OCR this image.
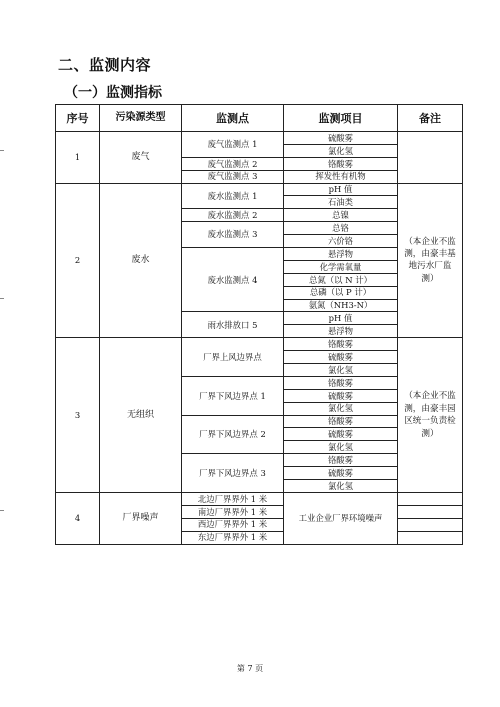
二、监测内容
（一）监测指标
序号	污染源类型	监测点	监测项目	备注
1	废气	废气监测点 1	硫酸雾	
			氯化氢	
		废气监测点 2	铬酸雾	
		废气监测点 3	挥发性有机物	
2	废水	废水监测点 1	pH 值	（本企业不监测，由豪丰基地污水厂监测）
			石油类	
		废水监测点 2	总镍	
		废水监测点 3	总铬	
			六价铬	
		废水监测点 4	悬浮物	
			化学需氧量	
			总氮（以 N 计）	
			总磷（以 P 计）	
			氨氮（NH3-N）	
		雨水排放口 5	pH 值	
			悬浮物	
3	无组织	厂界上风边界点	铬酸雾	（本企业不监测，由豪丰园区统一负责检测）
			硫酸雾	
			氯化氢	
		厂界下风边界点 1	铬酸雾	
			硫酸雾	
			氯化氢	
		厂界下风边界点 2	铬酸雾	
			硫酸雾	
			氯化氢	
		厂界下风边界点 3	铬酸雾	
			硫酸雾	
			氯化氢	
4	厂界噪声	北边厂界界外 1 米	工业企业厂界环境噪声	
		南边厂界界外 1 米		
		西边厂界界外 1 米		
		东边厂界界外 1 米		
第 7 页
